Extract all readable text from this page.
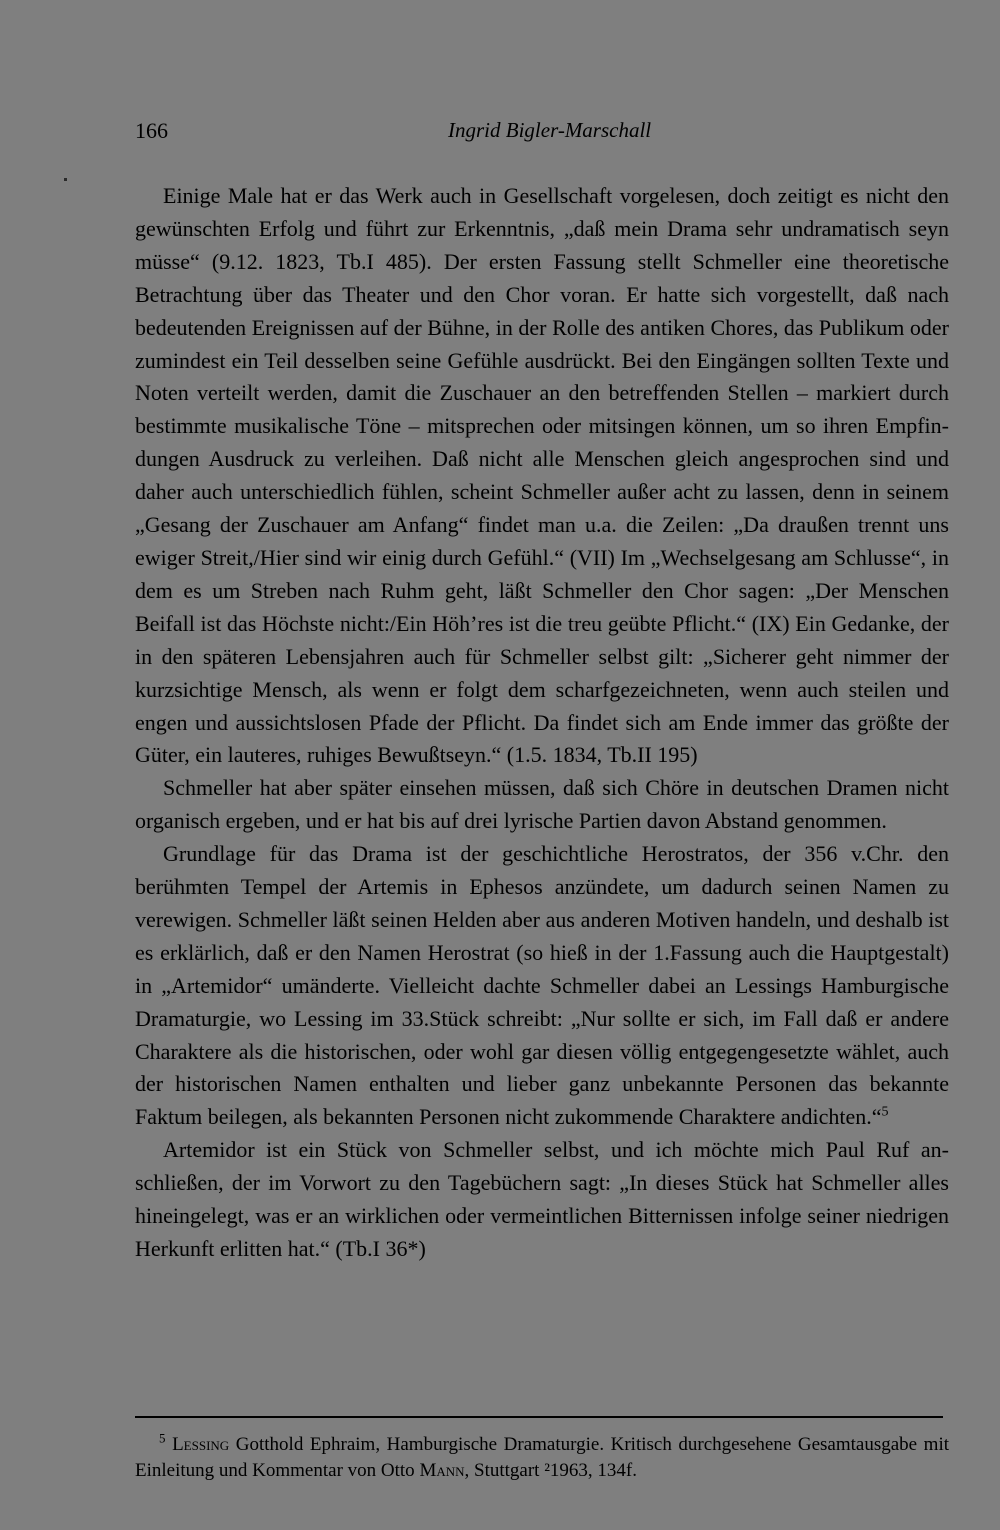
166	Ingrid Bigler-Marschall

Einige Male hat er das Werk auch in Gesellschaft vorgelesen, doch zeitigt es nicht den gewünschten Erfolg und führt zur Erkenntnis, „daß mein Drama sehr undramatisch seyn müsse“ (9.12. 1823, Tb.I 485). Der ersten Fassung stellt Schmeller eine theoretische Betrachtung über das Theater und den Chor voran. Er hatte sich vorgestellt, daß nach bedeutenden Ereignissen auf der Bühne, in der Rolle des antiken Chores, das Publikum oder zumindest ein Teil desselben seine Gefühle ausdrückt. Bei den Eingängen sollten Texte und Noten verteilt werden, damit die Zuschauer an den betreffenden Stellen – markiert durch bestimmte musikalische Töne – mitsprechen oder mitsingen können, um so ihren Empfindungen Ausdruck zu verleihen. Daß nicht alle Menschen gleich angesprochen sind und daher auch unterschiedlich fühlen, scheint Schmeller außer acht zu lassen, denn in seinem „Gesang der Zuschauer am Anfang“ findet man u.a. die Zeilen: „Da draußen trennt uns ewiger Streit,/Hier sind wir einig durch Gefühl.“ (VII) Im „Wechselgesang am Schlusse“, in dem es um Streben nach Ruhm geht, läßt Schmeller den Chor sagen: „Der Menschen Beifall ist das Höchste nicht:/Ein Höh’res ist die treu geübte Pflicht.“ (IX) Ein Gedanke, der in den späteren Lebensjahren auch für Schmeller selbst gilt: „Sicherer geht nimmer der kurzsichtige Mensch, als wenn er folgt dem scharfgezeichneten, wenn auch steilen und engen und aussichtslosen Pfade der Pflicht. Da findet sich am Ende immer das größte der Güter, ein lauteres, ruhiges Bewußtseyn.“ (1.5. 1834, Tb.II 195)

Schmeller hat aber später einsehen müssen, daß sich Chöre in deutschen Dramen nicht organisch ergeben, und er hat bis auf drei lyrische Partien davon Abstand genommen.

Grundlage für das Drama ist der geschichtliche Herostratos, der 356 v.Chr. den berühmten Tempel der Artemis in Ephesos anzündete, um dadurch seinen Namen zu verewigen. Schmeller läßt seinen Helden aber aus anderen Motiven handeln, und deshalb ist es erklärlich, daß er den Namen Herostrat (so hieß in der 1.Fassung auch die Hauptgestalt) in „Artemidor“ umänderte. Vielleicht dachte Schmeller dabei an Lessings Hamburgische Dramaturgie, wo Lessing im 33.Stück schreibt: „Nur sollte er sich, im Fall daß er andere Charaktere als die historischen, oder wohl gar diesen völlig entgegengesetzte wählet, auch der historischen Namen enthalten und lieber ganz unbekannte Personen das bekannte Faktum beilegen, als bekannten Personen nicht zukommende Charaktere andichten.“$^5$

Artemidor ist ein Stück von Schmeller selbst, und ich möchte mich Paul Ruf anschließen, der im Vorwort zu den Tagebüchern sagt: „In dieses Stück hat Schmeller alles hineingelegt, was er an wirklichen oder vermeintlichen Bitternissen infolge seiner niedrigen Herkunft erlitten hat.“ (Tb.I 36*)

$^5$ Lessing Gotthold Ephraim, Hamburgische Dramaturgie. Kritisch durchgesehene Gesamtausgabe mit Einleitung und Kommentar von Otto Mann, Stuttgart ²1963, 134f.
